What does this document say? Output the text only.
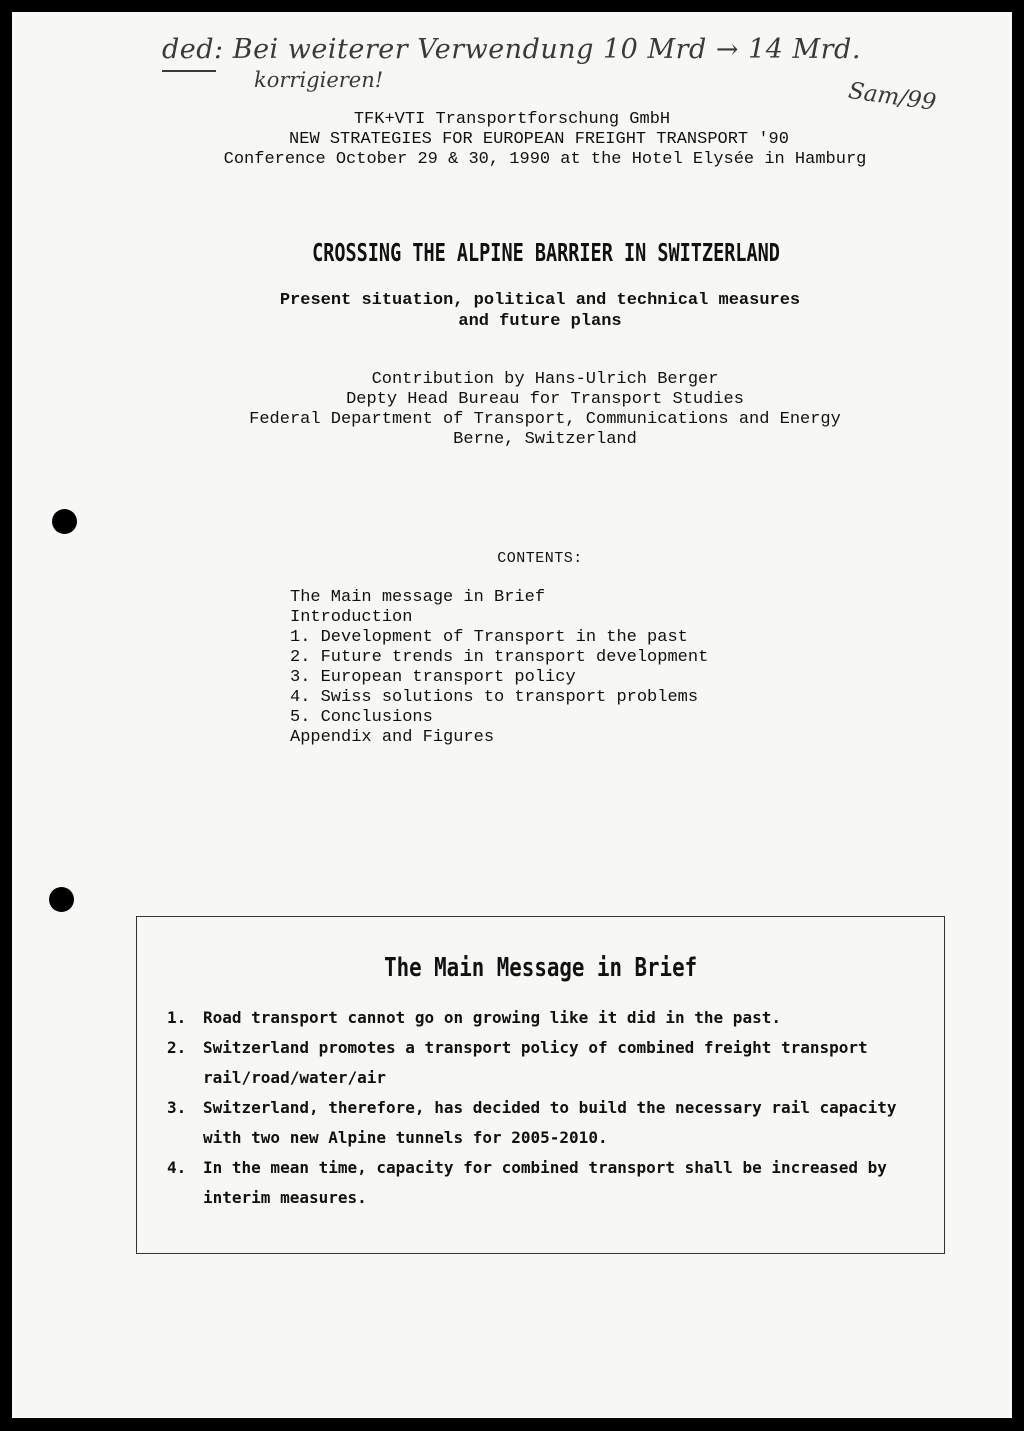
ded: Bei weiterer Verwendung 10 Mrd → 14 Mrd.
korrigieren!	Sam/99
TFK+VTI Transportforschung GmbH
NEW STRATEGIES FOR EUROPEAN FREIGHT TRANSPORT '90
Conference October 29 & 30, 1990 at the Hotel Elysée in Hamburg
CROSSING THE ALPINE BARRIER IN SWITZERLAND
Present situation, political and technical measures
and future plans
Contribution by Hans-Ulrich Berger
Depty Head Bureau for Transport Studies
Federal Department of Transport, Communications and Energy
Berne, Switzerland
CONTENTS:
The Main message in Brief
Introduction
1. Development of Transport in the past
2. Future trends in transport development
3. European transport policy
4. Swiss solutions to transport problems
5. Conclusions
Appendix and Figures
The Main Message in Brief
1. Road transport cannot go on growing like it did in the past.
2. Switzerland promotes a transport policy of combined freight transport rail/road/water/air
3. Switzerland, therefore, has decided to build the necessary rail capacity with two new Alpine tunnels for 2005-2010.
4. In the mean time, capacity for combined transport shall be increased by interim measures.
